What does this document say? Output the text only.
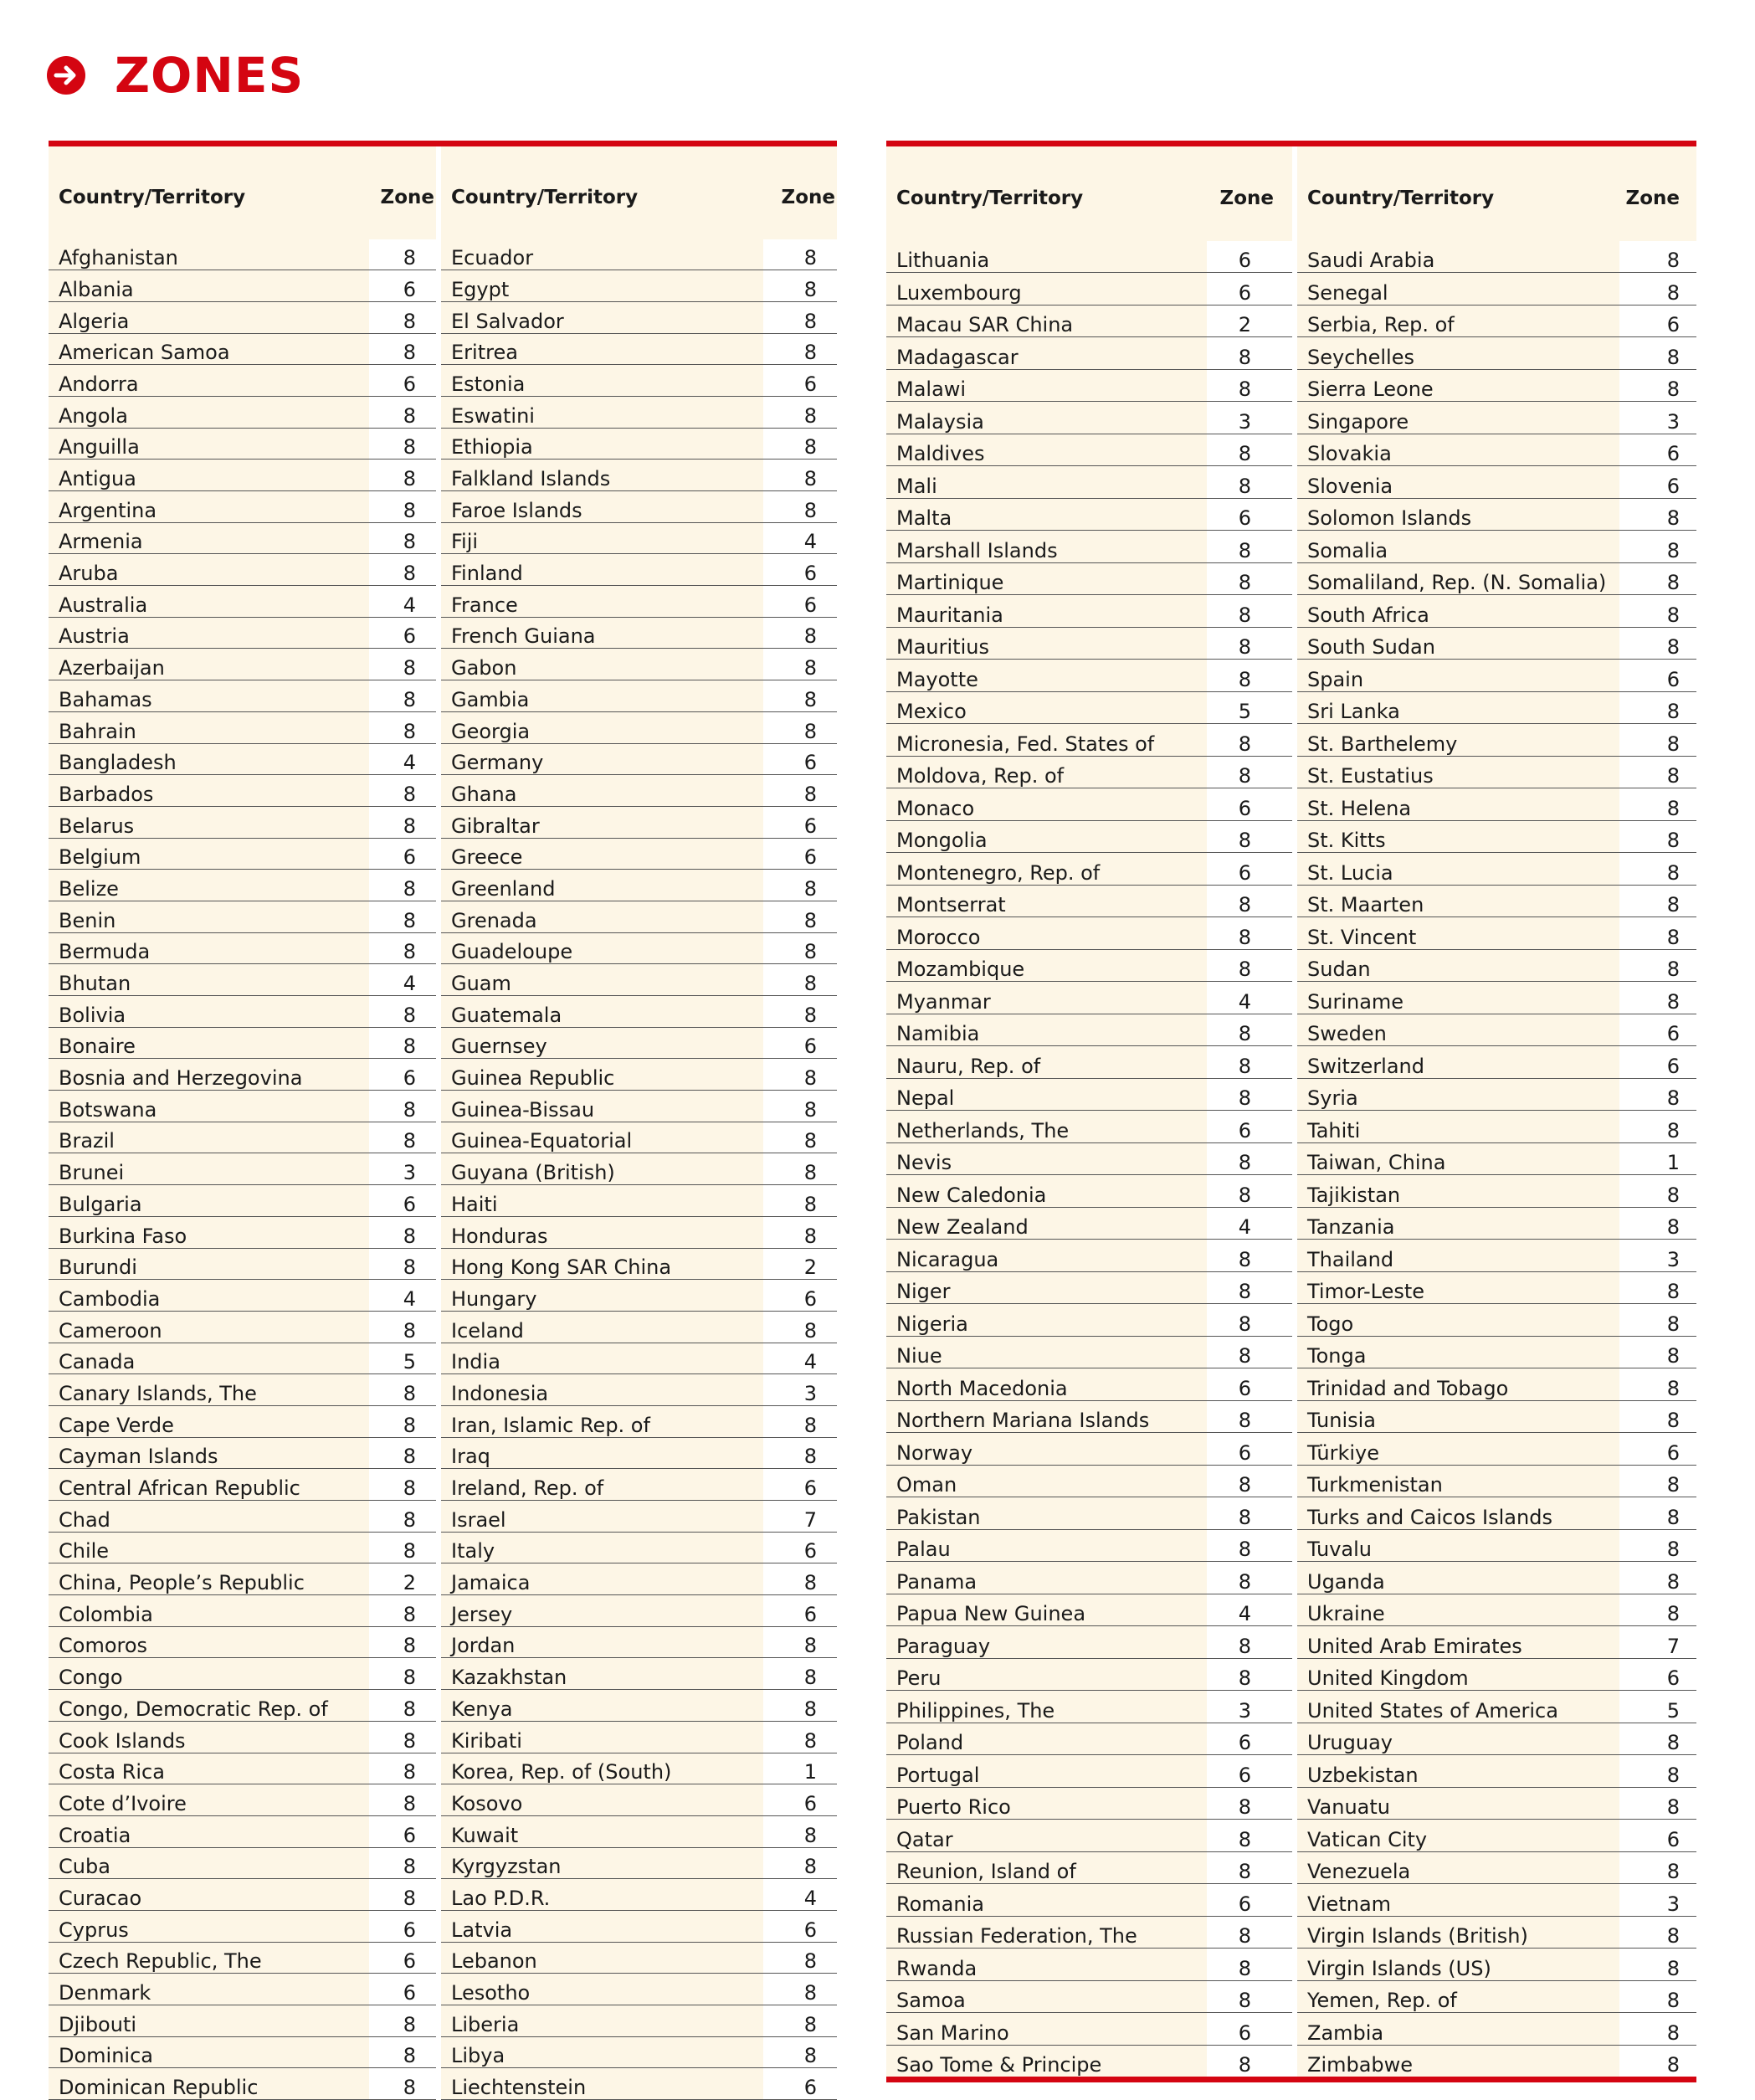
ZONES
Country/Territory	Zone		Country/Territory	Zone
Afghanistan	8		Ecuador	8
Albania	6		Egypt	8
Algeria	8		El Salvador	8
American Samoa	8		Eritrea	8
Andorra	6		Estonia	6
Angola	8		Eswatini	8
Anguilla	8		Ethiopia	8
Antigua	8		Falkland Islands	8
Argentina	8		Faroe Islands	8
Armenia	8		Fiji	4
Aruba	8		Finland	6
Australia	4		France	6
Austria	6		French Guiana	8
Azerbaijan	8		Gabon	8
Bahamas	8		Gambia	8
Bahrain	8		Georgia	8
Bangladesh	4		Germany	6
Barbados	8		Ghana	8
Belarus	8		Gibraltar	6
Belgium	6		Greece	6
Belize	8		Greenland	8
Benin	8		Grenada	8
Bermuda	8		Guadeloupe	8
Bhutan	4		Guam	8
Bolivia	8		Guatemala	8
Bonaire	8		Guernsey	6
Bosnia and Herzegovina	6		Guinea Republic	8
Botswana	8		Guinea-Bissau	8
Brazil	8		Guinea-Equatorial	8
Brunei	3		Guyana (British)	8
Bulgaria	6		Haiti	8
Burkina Faso	8		Honduras	8
Burundi	8		Hong Kong SAR China	2
Cambodia	4		Hungary	6
Cameroon	8		Iceland	8
Canada	5		India	4
Canary Islands, The	8		Indonesia	3
Cape Verde	8		Iran, Islamic Rep. of	8
Cayman Islands	8		Iraq	8
Central African Republic	8		Ireland, Rep. of	6
Chad	8		Israel	7
Chile	8		Italy	6
China, People’s Republic	2		Jamaica	8
Colombia	8		Jersey	6
Comoros	8		Jordan	8
Congo	8		Kazakhstan	8
Congo, Democratic Rep. of	8		Kenya	8
Cook Islands	8		Kiribati	8
Costa Rica	8		Korea, Rep. of (South)	1
Cote d’Ivoire	8		Kosovo	6
Croatia	6		Kuwait	8
Cuba	8		Kyrgyzstan	8
Curacao	8		Lao P.D.R.	4
Cyprus	6		Latvia	6
Czech Republic, The	6		Lebanon	8
Denmark	6		Lesotho	8
Djibouti	8		Liberia	8
Dominica	8		Libya	8
Dominican Republic	8		Liechtenstein	6
Country/Territory	Zone		Country/Territory	Zone
Lithuania	6		Saudi Arabia	8
Luxembourg	6		Senegal	8
Macau SAR China	2		Serbia, Rep. of	6
Madagascar	8		Seychelles	8
Malawi	8		Sierra Leone	8
Malaysia	3		Singapore	3
Maldives	8		Slovakia	6
Mali	8		Slovenia	6
Malta	6		Solomon Islands	8
Marshall Islands	8		Somalia	8
Martinique	8		Somaliland, Rep. (N. Somalia)	8
Mauritania	8		South Africa	8
Mauritius	8		South Sudan	8
Mayotte	8		Spain	6
Mexico	5		Sri Lanka	8
Micronesia, Fed. States of	8		St. Barthelemy	8
Moldova, Rep. of	8		St. Eustatius	8
Monaco	6		St. Helena	8
Mongolia	8		St. Kitts	8
Montenegro, Rep. of	6		St. Lucia	8
Montserrat	8		St. Maarten	8
Morocco	8		St. Vincent	8
Mozambique	8		Sudan	8
Myanmar	4		Suriname	8
Namibia	8		Sweden	6
Nauru, Rep. of	8		Switzerland	6
Nepal	8		Syria	8
Netherlands, The	6		Tahiti	8
Nevis	8		Taiwan, China	1
New Caledonia	8		Tajikistan	8
New Zealand	4		Tanzania	8
Nicaragua	8		Thailand	3
Niger	8		Timor-Leste	8
Nigeria	8		Togo	8
Niue	8		Tonga	8
North Macedonia	6		Trinidad and Tobago	8
Northern Mariana Islands	8		Tunisia	8
Norway	6		Türkiye	6
Oman	8		Turkmenistan	8
Pakistan	8		Turks and Caicos Islands	8
Palau	8		Tuvalu	8
Panama	8		Uganda	8
Papua New Guinea	4		Ukraine	8
Paraguay	8		United Arab Emirates	7
Peru	8		United Kingdom	6
Philippines, The	3		United States of America	5
Poland	6		Uruguay	8
Portugal	6		Uzbekistan	8
Puerto Rico	8		Vanuatu	8
Qatar	8		Vatican City	6
Reunion, Island of	8		Venezuela	8
Romania	6		Vietnam	3
Russian Federation, The	8		Virgin Islands (British)	8
Rwanda	8		Virgin Islands (US)	8
Samoa	8		Yemen, Rep. of	8
San Marino	6		Zambia	8
Sao Tome & Principe	8		Zimbabwe	8
